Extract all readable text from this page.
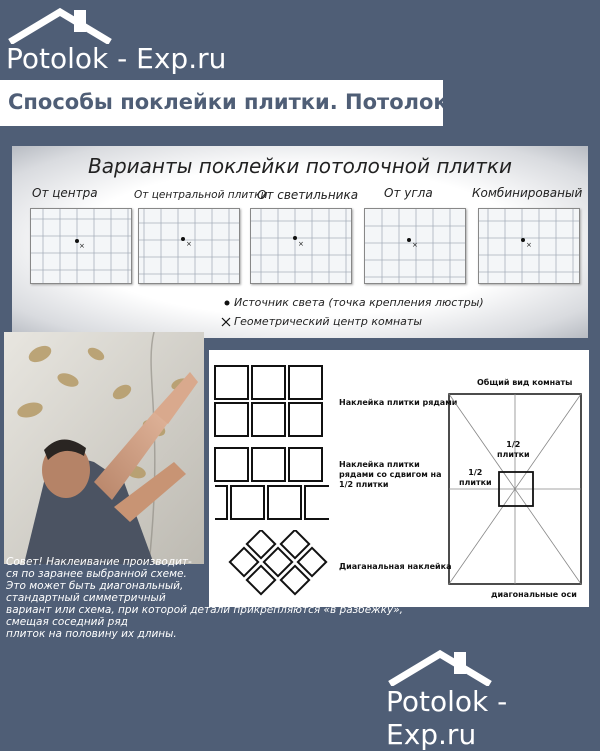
Potolok - Exp.ru
Способы поклейки плитки. Потолок
Варианты поклейки потолочной плитки
От центра	От центральной плитки
От светильника От угла	Комбинированый
×	×	×	×	×
Источник света (точка крепления люстры)
Геометрический центр комнаты
Наклейка плитки рядами
Наклейка плитки
рядами со сдвигом на
1/2 плитки
Диаганальная наклейка
Общий вид комнаты
1/2
плитки
1/2
плитки
диагональные оси
Совет! Наклеивание производит-
ся по заранее выбранной схеме.
Это может быть диагональный,
стандартный симметричный
вариант или схема, при которой детали прикрепляются «в разбежку», смещая соседний ряд
плиток на половину их длины.
Potolok - Exp.ru
